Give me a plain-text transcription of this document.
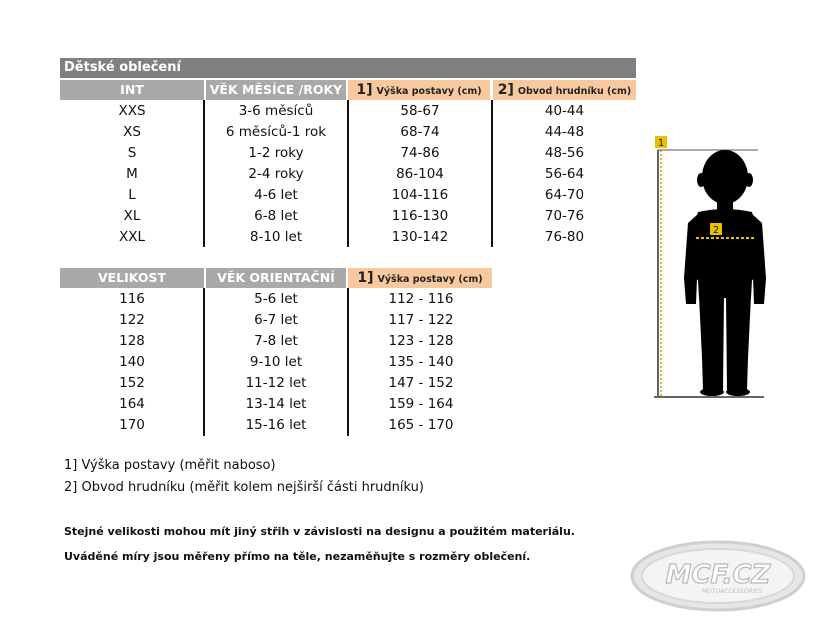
Dětské oblečení
INT	VĚK MĚSÍCE /ROKY	1] Výška postavy (cm)	2] Obvod hrudníku (cm)
XXS	3-6 měsíců	58-67	40-44
XS	6 měsíců-1 rok	68-74	44-48
S	1-2 roky	74-86	48-56
M	2-4 roky	86-104	56-64
L	4-6 let	104-116	64-70
XL	6-8 let	116-130	70-76
XXL	8-10 let	130-142	76-80
VELIKOST	VĚK ORIENTAČNÍ	1] Výška postavy (cm)
116	5-6 let	112 - 116
122	6-7 let	117 - 122
128	7-8 let	123 - 128
140	9-10 let	135 - 140
152	11-12 let	147 - 152
164	13-14 let	159 - 164
170	15-16 let	165 - 170
1] Výška postavy (měřit naboso)
2] Obvod hrudníku (měřit kolem nejširší části hrudníku)
Stejné velikosti mohou mít jiný střih v závislosti na designu a použitém materiálu.
Uváděné míry jsou měřeny přímo na těle, nezaměňujte s rozměry oblečení.
1
2
MCF.CZ
MOTOACCESSORIES
